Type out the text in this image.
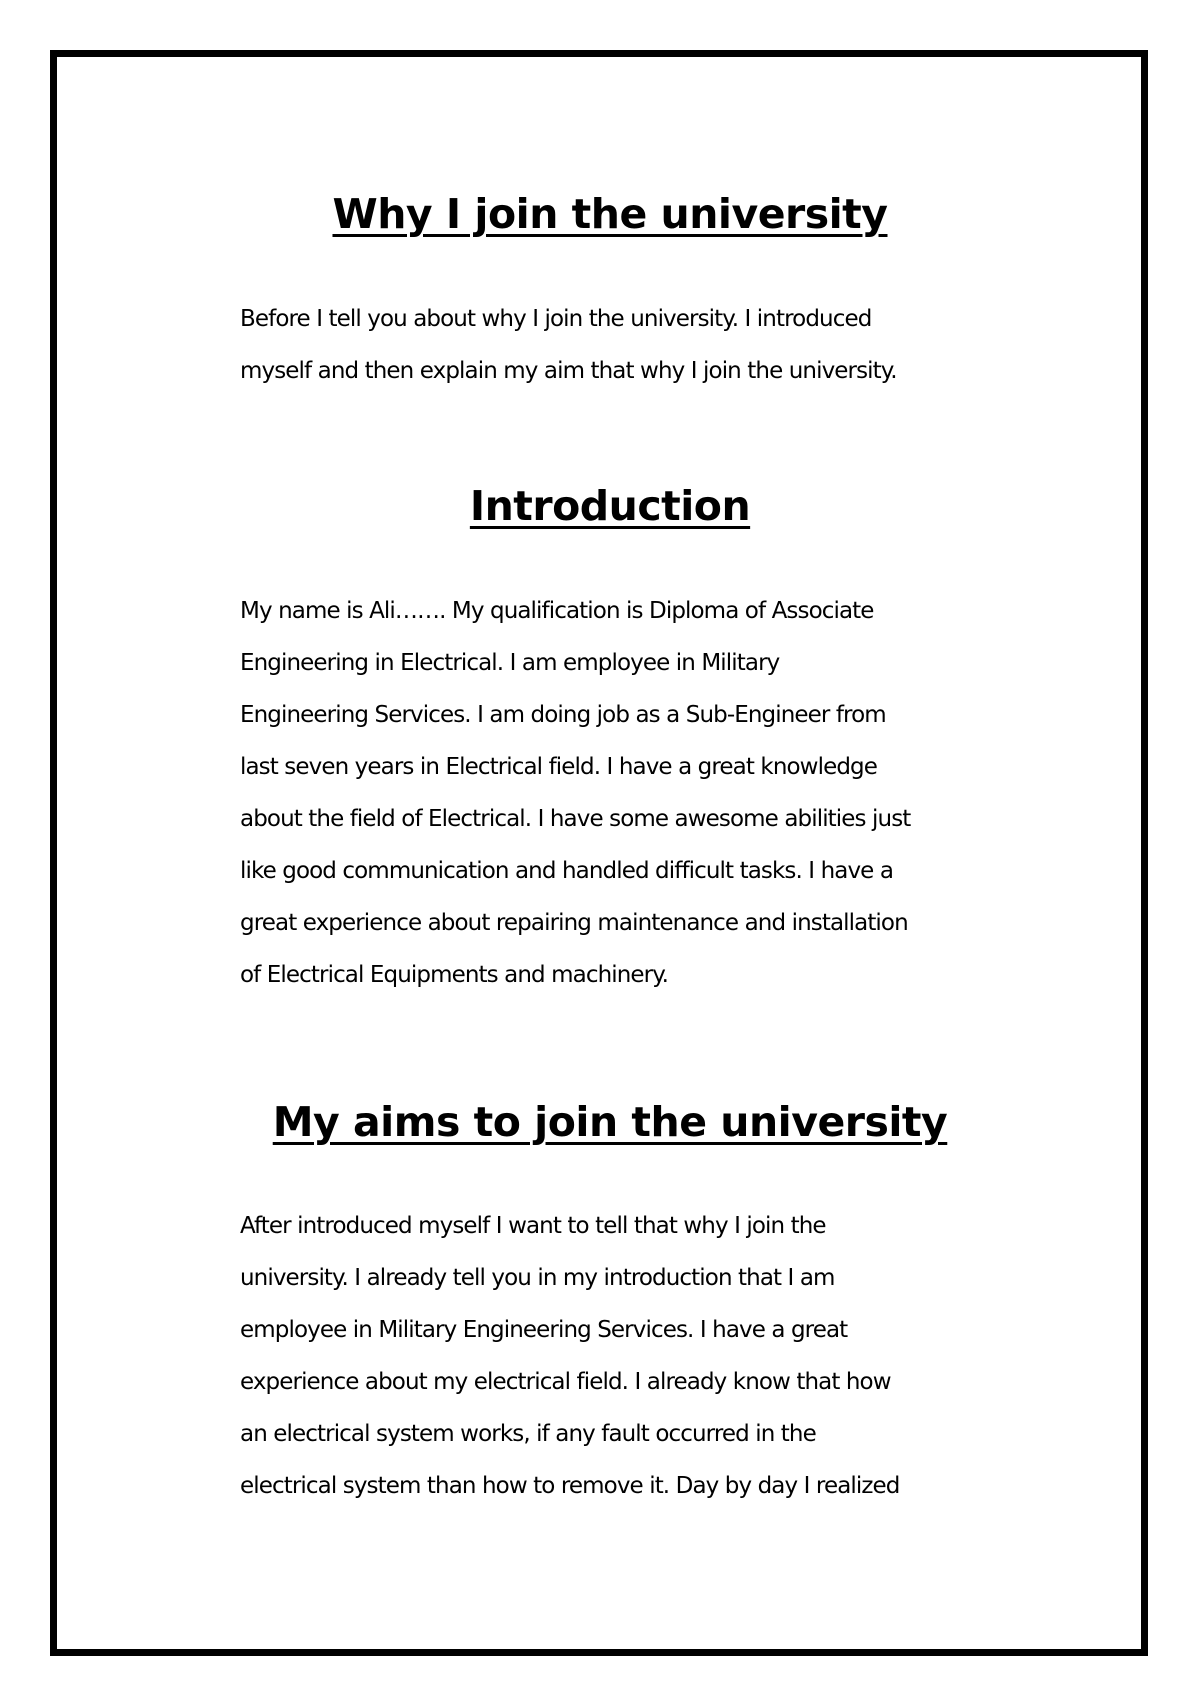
Why I join the university
Before I tell you about why I join the university. I introduced
myself and then explain my aim that why I join the university.
Introduction
My name is Ali……. My qualification is Diploma of Associate
Engineering in Electrical. I am employee in Military
Engineering Services. I am doing job as a Sub-Engineer from
last seven years in Electrical field. I have a great knowledge
about the field of Electrical. I have some awesome abilities just
like good communication and handled difficult tasks. I have a
great experience about repairing maintenance and installation
of Electrical Equipments and machinery.
My aims to join the university
After introduced myself I want to tell that why I join the
university. I already tell you in my introduction that I am
employee in Military Engineering Services. I have a great
experience about my electrical field. I already know that how
an electrical system works, if any fault occurred in the
electrical system than how to remove it. Day by day I realized
